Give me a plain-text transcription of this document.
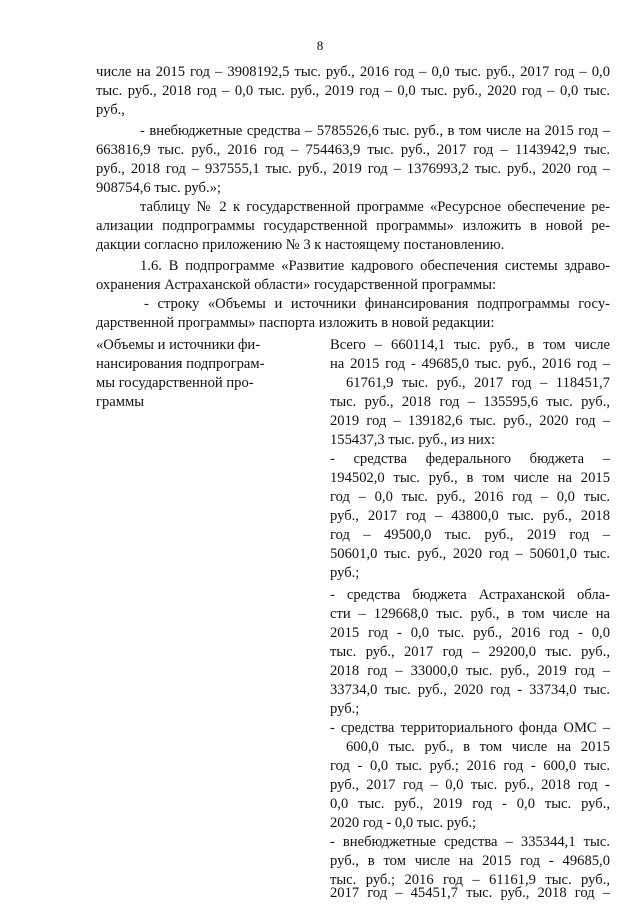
8
числе на 2015 год – 3908192,5 тыс. руб., 2016 год – 0,0 тыс. руб., 2017 год – 0,0
тыс. руб., 2018 год – 0,0 тыс. руб., 2019 год – 0,0 тыс. руб., 2020 год – 0,0 тыс.
руб.,
- внебюджетные средства – 5785526,6 тыс. руб., в том числе на 2015 год –
663816,9 тыс. руб., 2016 год – 754463,9 тыс. руб., 2017 год – 1143942,9 тыс.
руб., 2018 год – 937555,1 тыс. руб., 2019 год – 1376993,2 тыс. руб., 2020 год –
908754,6 тыс. руб.»;
таблицу № 2 к государственной программе «Ресурсное обеспечение ре-
ализации подпрограммы государственной программы» изложить в новой ре-
дакции согласно приложению № 3 к настоящему постановлению.
1.6. В подпрограмме «Развитие кадрового обеспечения системы здраво-
охранения Астраханской области» государственной программы:
- строку «Объемы и источники финансирования подпрограммы госу-
дарственной программы» паспорта изложить в новой редакции:
«Объемы и источники фи-
нансирования подпрограм-
мы государственной про-
граммы
Всего – 660114,1 тыс. руб., в том числе
на 2015 год - 49685,0 тыс. руб., 2016 год –
61761,9 тыс. руб., 2017 год – 118451,7
тыс. руб., 2018 год – 135595,6 тыс. руб.,
2019 год – 139182,6 тыс. руб., 2020 год –
155437,3 тыс. руб., из них:
- средства федерального бюджета –
194502,0 тыс. руб., в том числе на 2015
год – 0,0 тыс. руб., 2016 год – 0,0 тыс.
руб., 2017 год – 43800,0 тыс. руб., 2018
год – 49500,0 тыс. руб., 2019 год –
50601,0 тыс. руб., 2020 год – 50601,0 тыс.
руб.;
- средства бюджета Астраханской обла-
сти – 129668,0 тыс. руб., в том числе на
2015 год - 0,0 тыс. руб., 2016 год - 0,0
тыс. руб., 2017 год – 29200,0 тыс. руб.,
2018 год – 33000,0 тыс. руб., 2019 год –
33734,0 тыс. руб., 2020 год - 33734,0 тыс.
руб.;
- средства территориального фонда ОМС –
600,0 тыс. руб., в том числе на 2015
год - 0,0 тыс. руб.; 2016 год - 600,0 тыс.
руб., 2017 год – 0,0 тыс. руб., 2018 год -
0,0 тыс. руб., 2019 год - 0,0 тыс. руб.,
2020 год - 0,0 тыс. руб.;
- внебюджетные средства – 335344,1 тыс.
руб., в том числе на 2015 год - 49685,0
тыс. руб.; 2016 год – 61161,9 тыс. руб.,
2017 год – 45451,7 тыс. руб., 2018 год –
